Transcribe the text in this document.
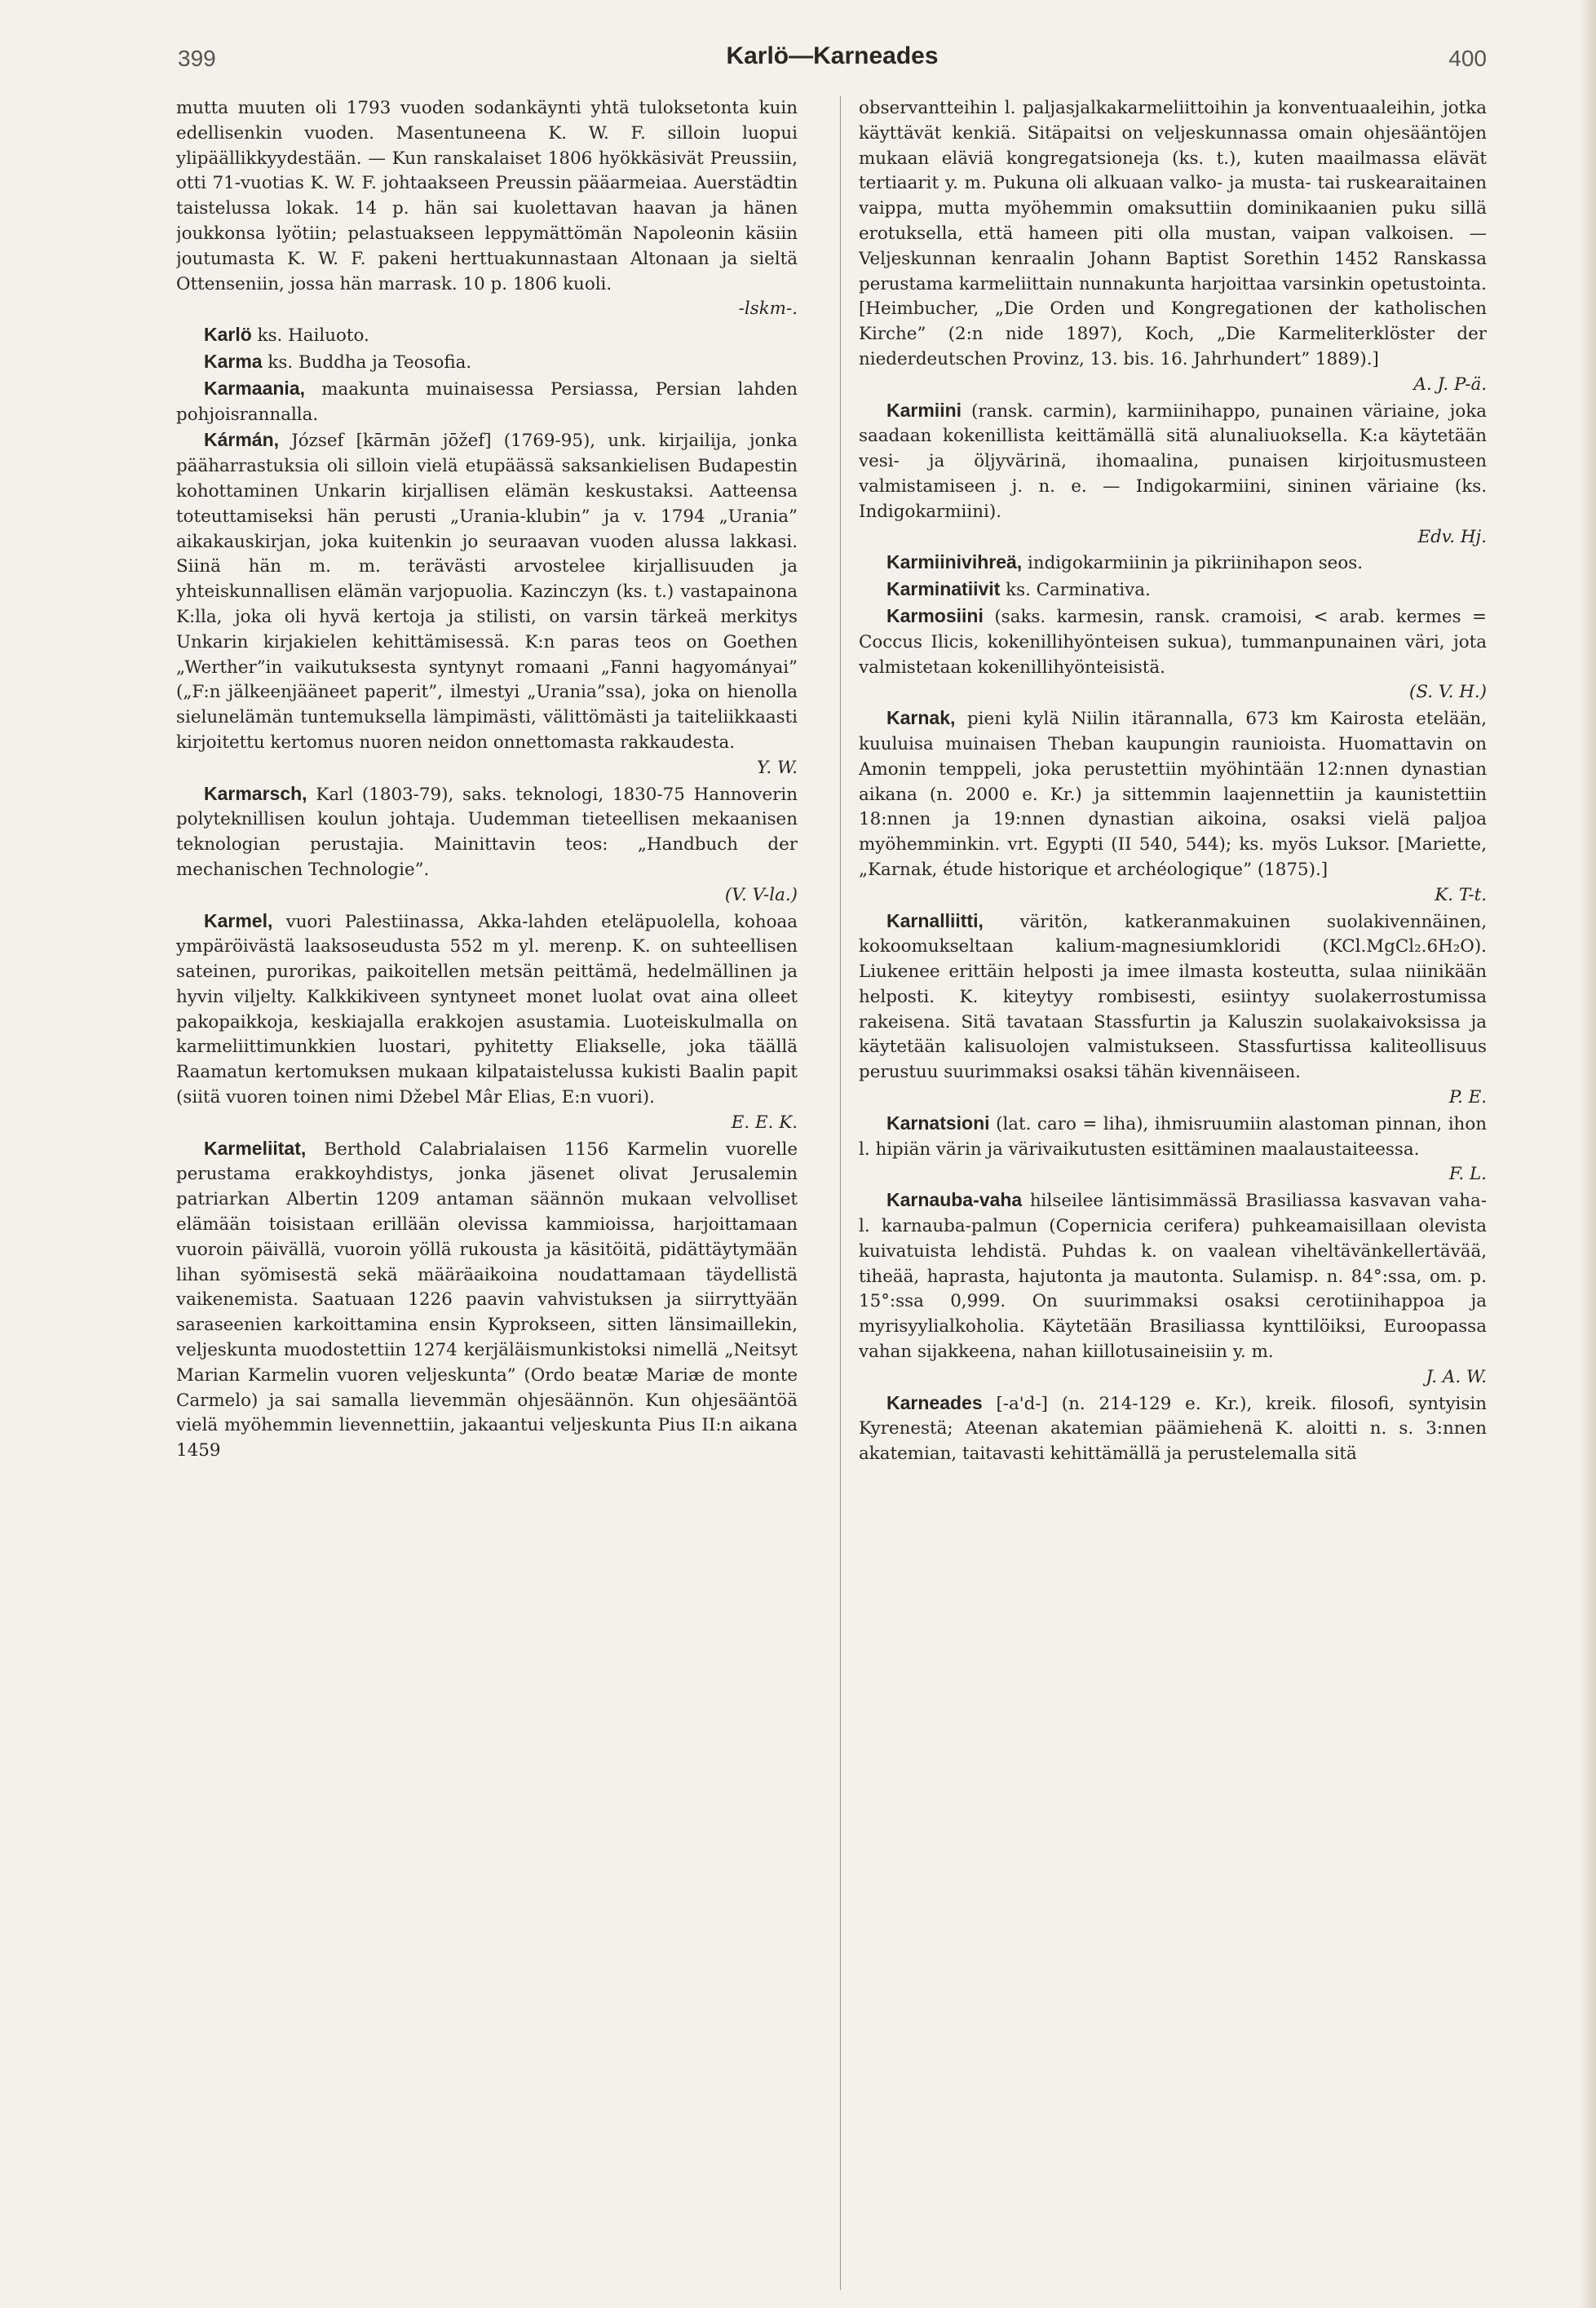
399	Karlö—Karneades	400

mutta muuten oli 1793 vuoden sodankäynti yhtä tuloksetonta kuin edellisenkin vuoden. Masentuneena K. W. F. silloin luopui ylipäällikkyydestään. — Kun ranskalaiset 1806 hyökkäsivät Preussiin, otti 71-vuotias K. W. F. johtaakseen Preussin pääarmeiaa. Auerstädtin taistelussa lokak. 14 p. hän sai kuolettavan haavan ja hänen joukkonsa lyötiin; pelastuakseen leppymättömän Napoleonin käsiin joutumasta K. W. F. pakeni herttuakunnastaan Altonaan ja sieltä Ottenseniin, jossa hän marrask. 10 p. 1806 kuoli.
-lskm-.

Karlö ks. Hailuoto.

Karma ks. Buddha ja Teosofia.

Karmaania, maakunta muinaisessa Persiassa, Persian lahden pohjoisrannalla.

Kármán, József [kārmān jōžef] (1769-95), unk. kirjailija, jonka pääharrastuksia oli silloin vielä etupäässä saksankielisen Budapestin kohottaminen Unkarin kirjallisen elämän keskustaksi. Aatteensa toteuttamiseksi hän perusti „Urania-klubin” ja v. 1794 „Urania” aikakauskirjan, joka kuitenkin jo seuraavan vuoden alussa lakkasi. Siinä hän m. m. terävästi arvostelee kirjallisuuden ja yhteiskunnallisen elämän varjopuolia. Kazinczyn (ks. t.) vastapainona K:lla, joka oli hyvä kertoja ja stilisti, on varsin tärkeä merkitys Unkarin kirjakielen kehittämisessä. K:n paras teos on Goethen „Werther”in vaikutuksesta syntynyt romaani „Fanni hagyományai” („F:n jälkeenjääneet paperit”, ilmestyi „Urania”ssa), joka on hienolla sielunelämän tuntemuksella lämpimästi, välittömästi ja taiteliikkaasti kirjoitettu kertomus nuoren neidon onnettomasta rakkaudesta.
Y. W.

Karmarsch, Karl (1803-79), saks. teknologi, 1830-75 Hannoverin polyteknillisen koulun johtaja. Uudemman tieteellisen mekaanisen teknologian perustajia. Mainittavin teos: „Handbuch der mechanischen Technologie”.
(V. V-la.)

Karmel, vuori Palestiinassa, Akka-lahden eteläpuolella, kohoaa ympäröivästä laaksoseudusta 552 m yl. merenp. K. on suhteellisen sateinen, purorikas, paikoitellen metsän peittämä, hedelmällinen ja hyvin viljelty. Kalkkikiveen syntyneet monet luolat ovat aina olleet pakopaikkoja, keskiajalla erakkojen asustamia. Luoteiskulmalla on karmeliittimunkkien luostari, pyhitetty Eliakselle, joka täällä Raamatun kertomuksen mukaan kilpataistelussa kukisti Baalin papit (siitä vuoren toinen nimi Džebel Mâr Elias, E:n vuori).
E. E. K.

Karmeliitat, Berthold Calabrialaisen 1156 Karmelin vuorelle perustama erakkoyhdistys, jonka jäsenet olivat Jerusalemin patriarkan Albertin 1209 antaman säännön mukaan velvolliset elämään toisistaan erillään olevissa kammioissa, harjoittamaan vuoroin päivällä, vuoroin yöllä rukousta ja käsitöitä, pidättäytymään lihan syömisestä sekä määräaikoina noudattamaan täydellistä vaikenemista. Saatuaan 1226 paavin vahvistuksen ja siirryttyään saraseenien karkoittamina ensin Kyprokseen, sitten länsimaillekin, veljeskunta muodostettiin 1274 kerjäläismunkistoksi nimellä „Neitsyt Marian Karmelin vuoren veljeskunta” (Ordo beatæ Mariæ de monte Carmelo) ja sai samalla lievemmän ohjesäännön. Kun ohjesääntöä vielä myöhemmin lievennettiin, jakaantui veljeskunta Pius II:n aikana 1459

observantteihin l. paljasjalkakarmeliittoihin ja konventuaaleihin, jotka käyttävät kenkiä. Sitäpaitsi on veljeskunnassa omain ohjesääntöjen mukaan eläviä kongregatsioneja (ks. t.), kuten maailmassa elävät tertiaarit y. m. Pukuna oli alkuaan valko- ja musta- tai ruskearaitainen vaippa, mutta myöhemmin omaksuttiin dominikaanien puku sillä erotuksella, että hameen piti olla mustan, vaipan valkoisen. — Veljeskunnan kenraalin Johann Baptist Sorethin 1452 Ranskassa perustama karmeliittain nunnakunta harjoittaa varsinkin opetustointa. [Heimbucher, „Die Orden und Kongregationen der katholischen Kirche” (2:n nide 1897), Koch, „Die Karmeliterklöster der niederdeutschen Provinz, 13. bis. 16. Jahrhundert” 1889).]
A. J. P-ä.

Karmiini (ransk. carmin), karmiinihappo, punainen väriaine, joka saadaan kokenillista keittämällä sitä alunaliuoksella. K:a käytetään vesi- ja öljyvärinä, ihomaalina, punaisen kirjoitusmusteen valmistamiseen j. n. e. — Indigokarmiini, sininen väriaine (ks. Indigokarmiini).
Edv. Hj.

Karmiinivihreä, indigokarmiinin ja pikriinihapon seos.

Karminatiivit ks. Carminativa.

Karmosiini (saks. karmesin, ransk. cramoisi, < arab. kermes = Coccus Ilicis, kokenillihyönteisen sukua), tummanpunainen väri, jota valmistetaan kokenillihyönteisistä.
(S. V. H.)

Karnak, pieni kylä Niilin itärannalla, 673 km Kairosta etelään, kuuluisa muinaisen Theban kaupungin raunioista. Huomattavin on Amonin temppeli, joka perustettiin myöhintään 12:nnen dynastian aikana (n. 2000 e. Kr.) ja sittemmin laajennettiin ja kaunistettiin 18:nnen ja 19:nnen dynastian aikoina, osaksi vielä paljoa myöhemminkin. vrt. Egypti (II 540, 544); ks. myös Luksor. [Mariette, „Karnak, étude historique et archéologique” (1875).]
K. T-t.

Karnalliitti, väritön, katkeranmakuinen suolakivennäinen, kokoomukseltaan kalium-magnesiumkloridi (KCl.MgCl₂.6H₂O). Liukenee erittäin helposti ja imee ilmasta kosteutta, sulaa niinikään helposti. K. kiteytyy rombisesti, esiintyy suolakerrostumissa rakeisena. Sitä tavataan Stassfurtin ja Kaluszin suolakaivoksissa ja käytetään kalisuolojen valmistukseen. Stassfurtissa kaliteollisuus perustuu suurimmaksi osaksi tähän kivennäiseen.
P. E.

Karnatsioni (lat. caro = liha), ihmisruumiin alastoman pinnan, ihon l. hipiän värin ja värivaikutusten esittäminen maalaustaiteessa.
F. L.

Karnauba-vaha hilseilee läntisimmässä Brasiliassa kasvavan vaha- l. karnauba-palmun (Copernicia cerifera) puhkeamaisillaan olevista kuivatuista lehdistä. Puhdas k. on vaalean viheltävänkellertävää, tiheää, haprasta, hajutonta ja mautonta. Sulamisp. n. 84°:ssa, om. p. 15°:ssa 0,999. On suurimmaksi osaksi cerotiinihappoa ja myrisyylialkoholia. Käytetään Brasiliassa kynttilöiksi, Euroopassa vahan sijakkeena, nahan kiillotusaineisiin y. m.
J. A. W.

Karneades [-a'd-] (n. 214-129 e. Kr.), kreik. filosofi, syntyisin Kyrenestä; Ateenan akatemian päämiehenä K. aloitti n. s. 3:nnen akatemian, taitavasti kehittämällä ja perustelemalla sitä
